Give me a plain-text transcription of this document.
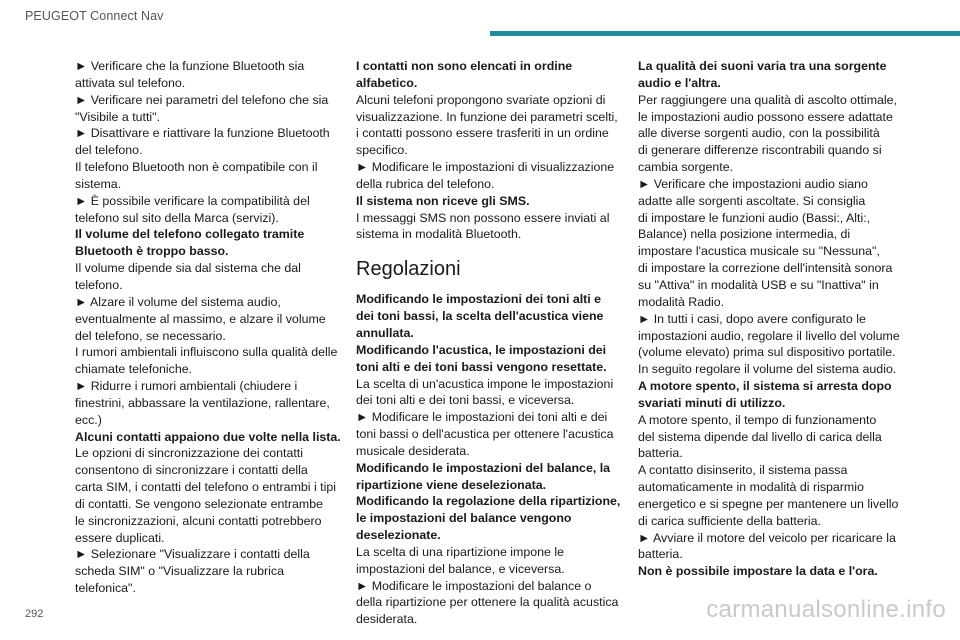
PEUGEOT Connect Nav

► Verificare che la funzione Bluetooth sia

attivata sul telefono.

► Verificare nei parametri del telefono che sia

"Visibile a tutti".

► Disattivare e riattivare la funzione Bluetooth

del telefono.

Il telefono Bluetooth non è compatibile con il

sistema.

► È possibile verificare la compatibilità del

telefono sul sito della Marca (servizi).

Il volume del telefono collegato tramite

Bluetooth è troppo basso.

Il volume dipende sia dal sistema che dal

telefono.

► Alzare il volume del sistema audio,

eventualmente al massimo, e alzare il volume

del telefono, se necessario.

I rumori ambientali influiscono sulla qualità delle

chiamate telefoniche.

► Ridurre i rumori ambientali (chiudere i

finestrini, abbassare la ventilazione, rallentare,

ecc.)

Alcuni contatti appaiono due volte nella lista.

Le opzioni di sincronizzazione dei contatti

consentono di sincronizzare i contatti della

carta SIM, i contatti del telefono o entrambi i tipi

di contatti. Se vengono selezionate entrambe

le sincronizzazioni, alcuni contatti potrebbero

essere duplicati.

► Selezionare "Visualizzare i contatti della

scheda SIM" o "Visualizzare la rubrica

telefonica".

I contatti non sono elencati in ordine

alfabetico.

Alcuni telefoni propongono svariate opzioni di

visualizzazione. In funzione dei parametri scelti,

i contatti possono essere trasferiti in un ordine

specifico.

► Modificare le impostazioni di visualizzazione

della rubrica del telefono.

Il sistema non riceve gli SMS.

I messaggi SMS non possono essere inviati al

sistema in modalità Bluetooth.

Regolazioni

Modificando le impostazioni dei toni alti e

dei toni bassi, la scelta dell'acustica viene

annullata.

Modificando l'acustica, le impostazioni dei

toni alti e dei toni bassi vengono resettate.

La scelta di un'acustica impone le impostazioni

dei toni alti e dei toni bassi, e viceversa.

► Modificare le impostazioni dei toni alti e dei

toni bassi o dell'acustica per ottenere l'acustica

musicale desiderata.

Modificando le impostazioni del balance, la

ripartizione viene deselezionata.

Modificando la regolazione della ripartizione,

le impostazioni del balance vengono

deselezionate.

La scelta di una ripartizione impone le

impostazioni del balance, e viceversa.

► Modificare le impostazioni del balance o

della ripartizione per ottenere la qualità acustica

desiderata.

La qualità dei suoni varia tra una sorgente

audio e l'altra.

Per raggiungere una qualità di ascolto ottimale,

le impostazioni audio possono essere adattate

alle diverse sorgenti audio, con la possibilità

di generare differenze riscontrabili quando si

cambia sorgente.

► Verificare che impostazioni audio siano

adatte alle sorgenti ascoltate. Si consiglia

di impostare le funzioni audio (Bassi:, Alti:,

Balance) nella posizione intermedia, di

impostare l'acustica musicale su "Nessuna",

di impostare la correzione dell'intensità sonora

su "Attiva" in modalità USB e su "Inattiva" in

modalità Radio.

► In tutti i casi, dopo avere configurato le

impostazioni audio, regolare il livello del volume

(volume elevato) prima sul dispositivo portatile.

In seguito regolare il volume del sistema audio.

A motore spento, il sistema si arresta dopo

svariati minuti di utilizzo.

A motore spento, il tempo di funzionamento

del sistema dipende dal livello di carica della

batteria.

A contatto disinserito, il sistema passa

automaticamente in modalità di risparmio

energetico e si spegne per mantenere un livello

di carica sufficiente della batteria.

► Avviare il motore del veicolo per ricaricare la

batteria.

Non è possibile impostare la data e l'ora.

292	carmanualsonline.info
